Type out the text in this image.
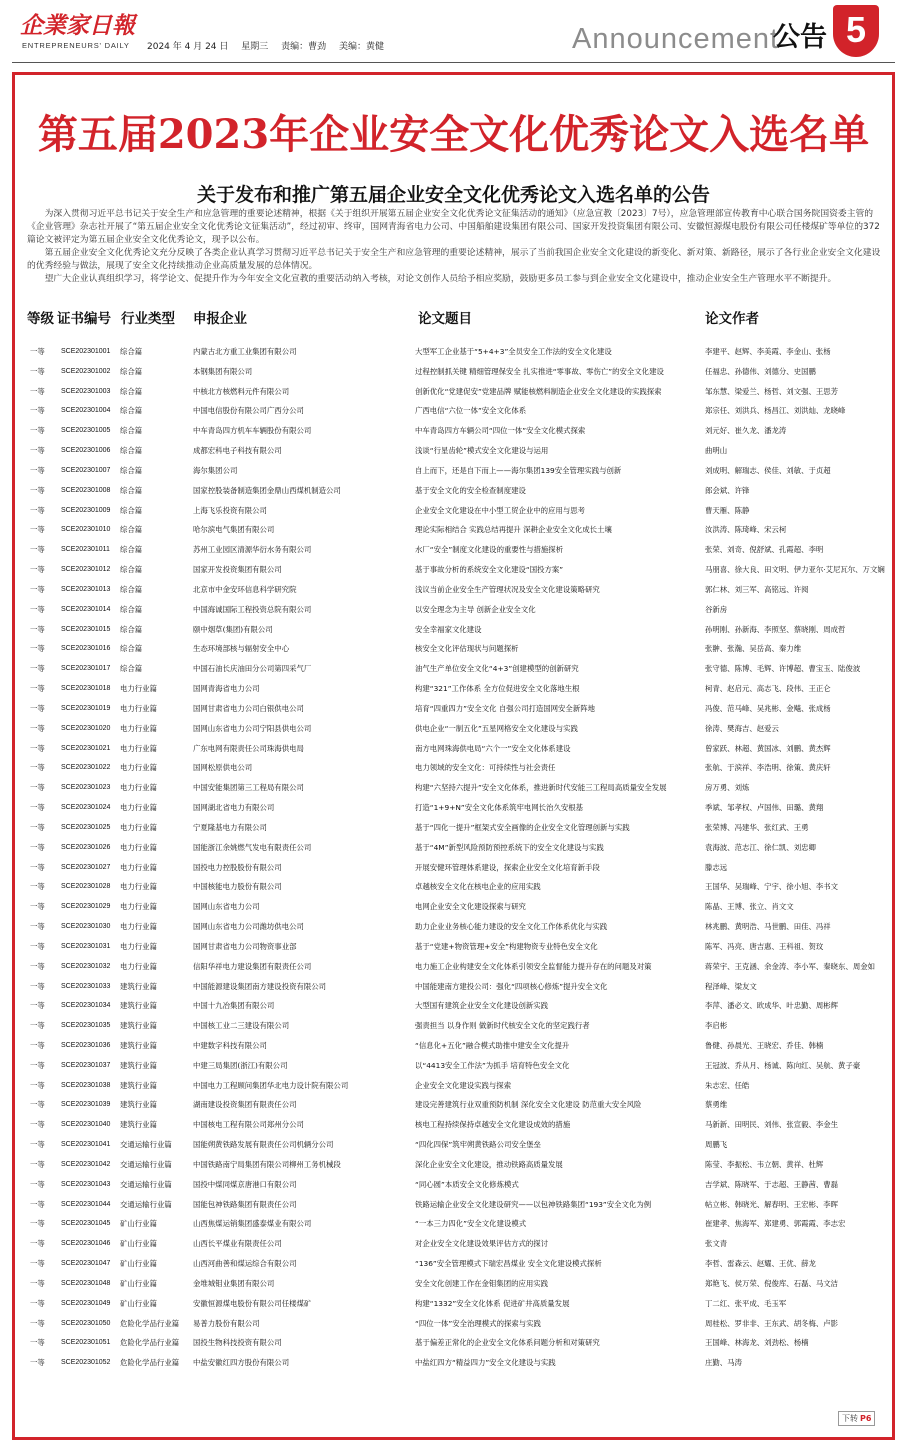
企業家日報
ENTREPRENEURS' DAILY 2024 年 4 月 24 日 星期三 责编：曹劲 美编：黄健	Announcement
公告 5
第五届2023年企业安全文化优秀论文入选名单
关于发布和推广第五届企业安全文化优秀论文入选名单的公告

为深入贯彻习近平总书记关于安全生产和应急管理的重要论述精神，根据《关于组织开展第五届企业安全文化优秀论文征集活动的通知》（应急宣教〔2023〕7号），应急管理部宣传教育中心联合国务院国资委主管的《企业管理》杂志社开展了“第五届企业安全文化优秀论文征集活动”，经过初审、终审，国网青海省电力公司、中国船舶建设集团有限公司、国家开发投资集团有限公司、安徽恒源煤电股份有限公司任楼煤矿等单位的372篇论文被评定为第五届企业安全文化优秀论文，现予以公布。

第五届企业安全文化优秀论文充分反映了各类企业认真学习贯彻习近平总书记关于安全生产和应急管理的重要论述精神，展示了当前我国企业安全文化建设的新变化、新对策、新路径，展示了各行业企业安全文化建设的优秀经验与做法，展现了安全文化持续推动企业高质量发展的总体情况。

望广大企业认真组织学习，将学论文、促提升作为今年安全文化宣教的重要活动纳入考核，对论文创作人员给予相应奖励，鼓励更多员工参与到企业安全文化建设中，推动企业安全生产管理水平不断提升。

等级 证书编号 行业类型 申报企业	论文题目	论文作者
一等	SCE202301001	综合篇	内蒙古北方重工业集团有限公司	大型军工企业基于“5+4+3”全员安全工作法的安全文化建设	李建平、赵辉、李美霞、李金山、张杨
一等	SCE202301002	综合篇	本钢集团有限公司	过程控制抓关键 精细管理保安全 扎实推进“零事故、零伤亡”的安全文化建设	任福忠、孙德伟、刘德分、史国鹏
一等	SCE202301003	综合篇	中核北方核燃料元件有限公司	创新优化“党建促安”党建品牌 赋能核燃料制造企业安全文化建设的实践探索	邹东慧、梁爱兰、杨哲、刘文强、王思芳
一等	SCE202301004	综合篇	中国电信股份有限公司广西分公司	广西电信“六位一体”安全文化体系	郑宗任、刘洪兵、杨昌江、刘洪灿、龙晓峰
一等	SCE202301005	综合篇	中车青岛四方机车车辆股份有限公司	中车青岛四方车辆公司“四位一体”安全文化模式探索	刘元好、崔久龙、潘龙涛
一等	SCE202301006	综合篇	成都宏科电子科技有限公司	浅谈“行星齿轮”模式安全文化建设与运用	曲明山
一等	SCE202301007	综合篇	海尔集团公司	自上而下，还是自下而上——海尔集团139安全管理实践与创新	刘成明、解瑞志、侯佳、刘敏、于贞超
一等	SCE202301008	综合篇	国家控股装备制造集团金鼎山西煤机制造公司	基于安全文化的安全检查制度建设	郎会斌、许锋
一等	SCE202301009	综合篇	上海飞乐投资有限公司	企业安全文化建设在中小型工贸企业中的应用与思考	曹天雁、陈静
一等	SCE202301010	综合篇	哈尔滨电气集团有限公司	理论实际相结合 实践总结再提升 深耕企业安全文化成长土壤	汝洪涛、陈琦峰、宋云柯
一等	SCE202301011	综合篇	苏州工业园区清源华衍水务有限公司	水厂“安全”制度文化建设的重要性与措施探析	张荣、刘奇、倪舒斌、孔霞超、李明
一等	SCE202301012	综合篇	国家开发投资集团有限公司	基于事故分析的系统安全文化建设“国投方案”	马朋喜、徐大良、田文明、伊力亚尔·艾尼瓦尔、万文娴
一等	SCE202301013	综合篇	北京市中金安环信息科学研究院	浅议当前企业安全生产管理状况及安全文化建设策略研究	郭仁林、刘三军、高铭远、许阅
一等	SCE202301014	综合篇	中国海诚国际工程投资总院有限公司	以安全理念为主导 创新企业安全文化	谷新房
一等	SCE202301015	综合篇	颐中烟草(集团)有限公司	安全幸福家文化建设	孙明刚、孙新海、李照坚、蔡晓刚、周成哲
一等	SCE202301016	综合篇	生态环境部核与辐射安全中心	核安全文化评估现状与问题探析	张翀、张瀚、吴岳高、秦力维
一等	SCE202301017	综合篇	中国石油长庆油田分公司第四采气厂	油气生产单位安全文化“4+3”创建模型的创新研究	张守德、陈博、毛辉、许博超、曹宝玉、陆俊波
一等	SCE202301018	电力行业篇	国网青海省电力公司	构建“321”工作体系 全方位促进安全文化落地生根	柯青、赵启元、高志飞、段伟、王正仑
一等	SCE202301019	电力行业篇	国网甘肃省电力公司白银供电公司	培育“四重四力”安全文化 自强公司打造国网安全新阵地	冯俊、范马峰、吴兆彬、金飚、张成杨
一等	SCE202301020	电力行业篇	国网山东省电力公司宁阳县供电公司	供电企业“一制五化”五星网格安全文化建设与实践	徐涛、樊海吉、赵爱云
一等	SCE202301021	电力行业篇	广东电网有限责任公司珠海供电局	南方电网珠海供电局“六个一”安全文化体系建设	曾家跃、林超、黄国冰、刘鹏、黄杰辉
一等	SCE202301022	电力行业篇	国网松原供电公司	电力领域的安全文化：可持续性与社会责任	张航、于滨祥、李浩明、徐策、黄庆轩
一等	SCE202301023	电力行业篇	中国安能集团第三工程局有限公司	构建“六坚持六提升”安全文化体系，推进新时代安能三工程局高质量安全发展	房万勇、刘炼
一等	SCE202301024	电力行业篇	国网湖北省电力有限公司	打造“1+9+N”安全文化体系筑牢电网长治久安根基	季斌、邹孝权、卢国伟、田璐、黄翔
一等	SCE202301025	电力行业篇	宁夏隆基电力有限公司	基于“四化一提升”框架式安全画像的企业安全文化管理创新与实践	张荣博、冯建华、张红武、王勇
一等	SCE202301026	电力行业篇	国能浙江余姚燃气发电有限责任公司	基于“4M”新型风险预防预控系统下的安全文化建设与实践	袁海波、范志江、徐仁凯、刘忠卿
一等	SCE202301027	电力行业篇	国投电力控股股份有限公司	开展安健环管理体系建设，探索企业安全文化培育新手段	滕志远
一等	SCE202301028	电力行业篇	中国核能电力股份有限公司	卓越核安全文化在核电企业的应用实践	王国华、吴瑞峰、宁宇、徐小旭、李书文
一等	SCE202301029	电力行业篇	国网山东省电力公司	电网企业安全文化建设探索与研究	陈晶、王博、张立、肖文文
一等	SCE202301030	电力行业篇	国网山东省电力公司潍坊供电公司	助力企业业务核心能力建设的安全文化工作体系优化与实践	林兆鹏、黄明浩、马世鹏、田佳、冯祥
一等	SCE202301031	电力行业篇	国网甘肃省电力公司物资事业部	基于“党建+物资管理+安全”构建物资专业特色安全文化	陈军、冯亮、唐吉惠、王科祖、贺玟
一等	SCE202301032	电力行业篇	信阳华祥电力建设集团有限责任公司	电力施工企业构建安全文化体系引领安全监督能力提升存在的问题及对策	蒋荣宇、王克涵、余金涛、李小军、秦晓东、周金如
一等	SCE202301033	建筑行业篇	中国能源建设集团南方建设投资有限公司	中国能建南方建投公司：强化“四项核心修炼”提升安全文化	程泽峰、梁友文
一等	SCE202301034	建筑行业篇	中国十九冶集团有限公司	大型国有建筑企业安全文化建设创新实践	李萍、潘必文、欧成华、叶忠勤、周彬辉
一等	SCE202301035	建筑行业篇	中国核工业二三建设有限公司	强责担当 以身作则 做新时代核安全文化的坚定践行者	李启彬
一等	SCE202301036	建筑行业篇	中建数字科技有限公司	“信息化+五化”融合模式助推中建安全文化提升	鲁健、孙晨光、王晓宏、乔佳、韩楠
一等	SCE202301037	建筑行业篇	中建三局集团(浙江)有限公司	以“4413安全工作法”为抓手 培育特色安全文化	王冠波、乔从月、杨诚、陈向红、吴航、黄子豪
一等	SCE202301038	建筑行业篇	中国电力工程顾问集团华北电力设计院有限公司	企业安全文化建设实践与探索	朱志宏、任皓
一等	SCE202301039	建筑行业篇	湖南建设投资集团有限责任公司	建设完善建筑行业双重预防机制 深化安全文化建设 防范重大安全风险	蔡勇维
一等	SCE202301040	建筑行业篇	中国核电工程有限公司郑州分公司	核电工程持续保持卓越安全文化建设成效的措施	马新新、田明民、刘伟、张宣毅、李金生
一等	SCE202301041	交通运输行业篇	国能朔黄铁路发展有限责任公司机辆分公司	“四化四保”筑牢朔黄铁路公司安全堡垒	周鹏飞
一等	SCE202301042	交通运输行业篇	中国铁路南宁局集团有限公司柳州工务机械段	深化企业安全文化建设，推动铁路高质量发展	陈莹、李振松、韦立朝、黄祥、杜辉
一等	SCE202301043	交通运输行业篇	国投中煤同煤京唐港口有限公司	“同心圆”本质安全文化修炼模式	吉学斌、陈晓军、于志超、王静茜、曹磊
一等	SCE202301044	交通运输行业篇	国能包神铁路集团有限责任公司	铁路运输企业安全文化建设研究——以包神铁路集团“193”安全文化为例	帖立彬、韩晓光、解春明、王宏彬、李晖
一等	SCE202301045	矿山行业篇	山西焦煤运销集团盛泰煤业有限公司	“一本三力四化”安全文化建设模式	崔建孝、焦海军、郑建勇、郭霞霞、李志宏
一等	SCE202301046	矿山行业篇	山西长平煤业有限责任公司	对企业安全文化建设效果评估方式的探讨	张文青
一等	SCE202301047	矿山行业篇	山西河曲善和煤运综合有限公司	“136”安全管理模式下瑞宏昌煤业 安全文化建设模式探析	李哲、雷森云、赵耀、王优、薛龙
一等	SCE202301048	矿山行业篇	金堆城钼业集团有限公司	安全文化创建工作在金钼集团的应用实践	郑艳飞、侯万荣、倪俊库、石磊、马文洁
一等	SCE202301049	矿山行业篇	安徽恒源煤电股份有限公司任楼煤矿	构建“1332”安全文化体系 促进矿井高质量发展	丁二红、张平成、毛玉军
一等	SCE202301050	危险化学品行业篇	易普力股份有限公司	“四位一体”安全治理模式的探索与实践	周桂松、罗非非、王东武、胡冬梅、卢影
一等	SCE202301051	危险化学品行业篇	国投生物科技投资有限公司	基于偏差正常化的企业安全文化体系问题分析和对策研究	王国峰、林海龙、刘劲松、杨楠
一等	SCE202301052	危险化学品行业篇	中盐安徽红四方股份有限公司	中盐红四方“精益四力”安全文化建设与实践	庄勤、马涛
下转 P6
